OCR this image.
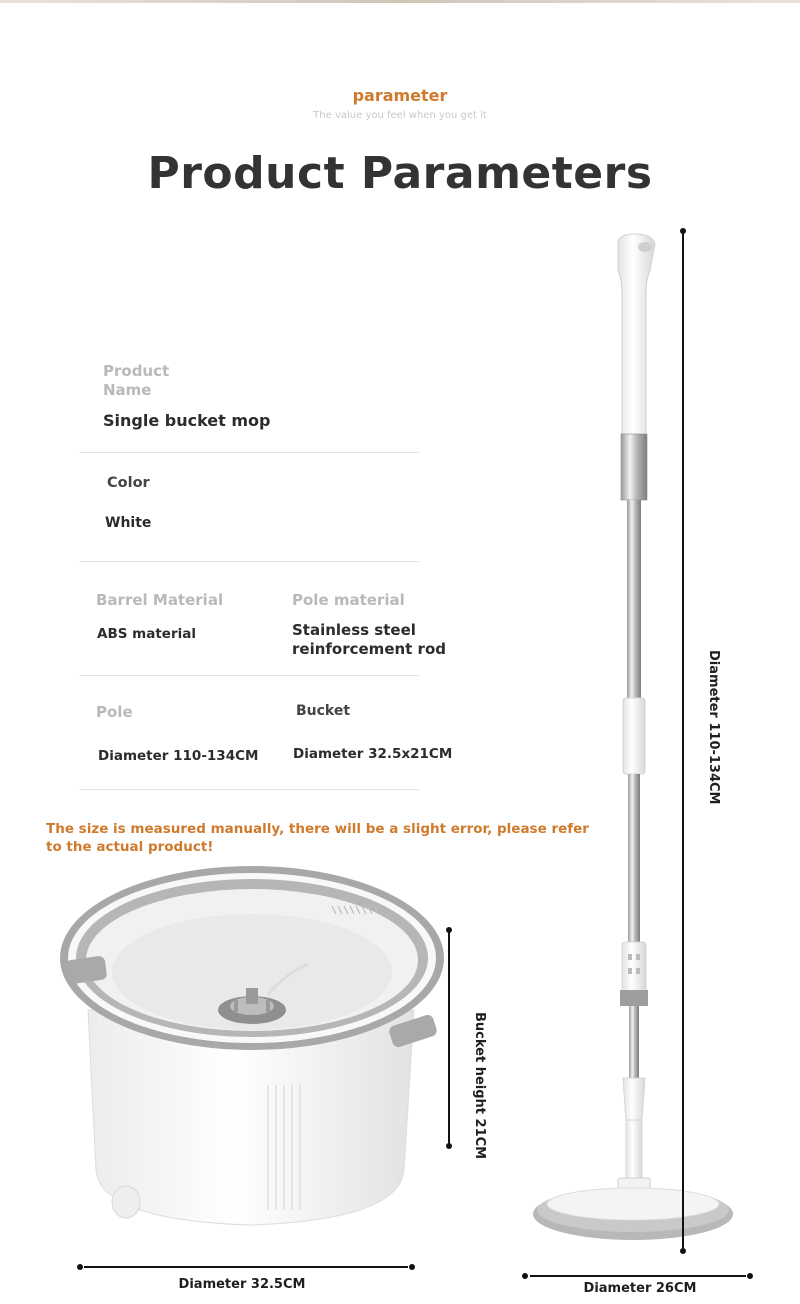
parameter
The value you feel when you get it
Product Parameters
Product Name
Single bucket mop
Color
White
Barrel Material
ABS material
Pole material
Stainless steel
reinforcement rod
Pole
Diameter 110-134CM
Bucket
Diameter 32.5x21CM
The size is measured manually, there will be a slight error, please refer to the actual product!
Diameter 110-134CM
Diameter 26CM
Bucket height 21CM
Diameter 32.5CM
